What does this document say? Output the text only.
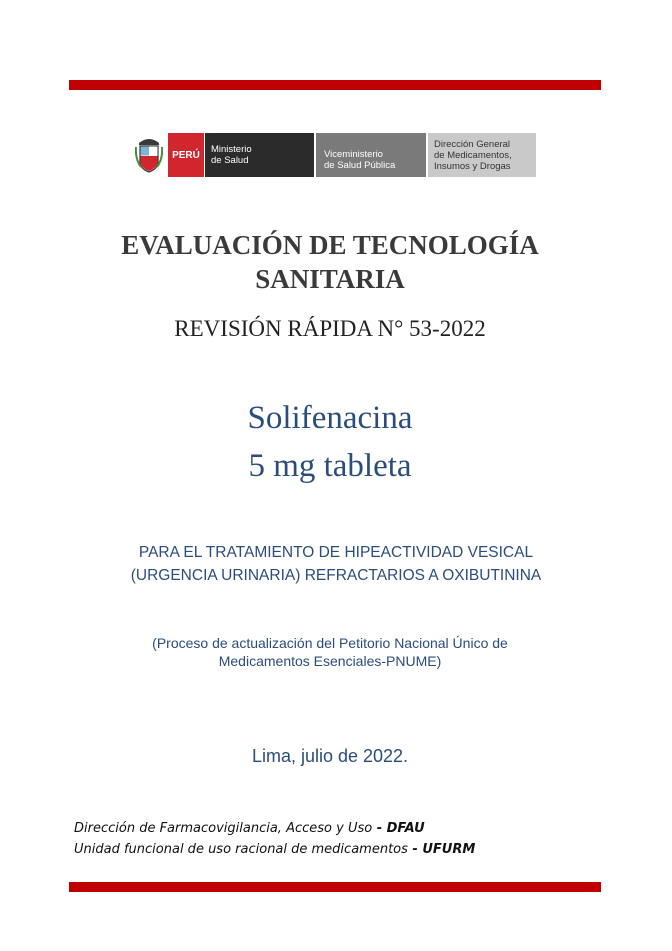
PERÚ	Ministerio
de Salud
Viceministerio
de Salud Pública
Dirección General
de Medicamentos,
Insumos y Drogas
EVALUACIÓN DE TECNOLOGÍA
SANITARIA
REVISIÓN RÁPIDA N° 53-2022
Solifenacina
5 mg tableta
PARA EL TRATAMIENTO DE HIPEACTIVIDAD VESICAL
(URGENCIA URINARIA) REFRACTARIOS A OXIBUTININA
(Proceso de actualización del Petitorio Nacional Único de
Medicamentos Esenciales-PNUME)
Lima, julio de 2022.
Dirección de Farmacovigilancia, Acceso y Uso - DFAU
Unidad funcional de uso racional de medicamentos - UFURM
